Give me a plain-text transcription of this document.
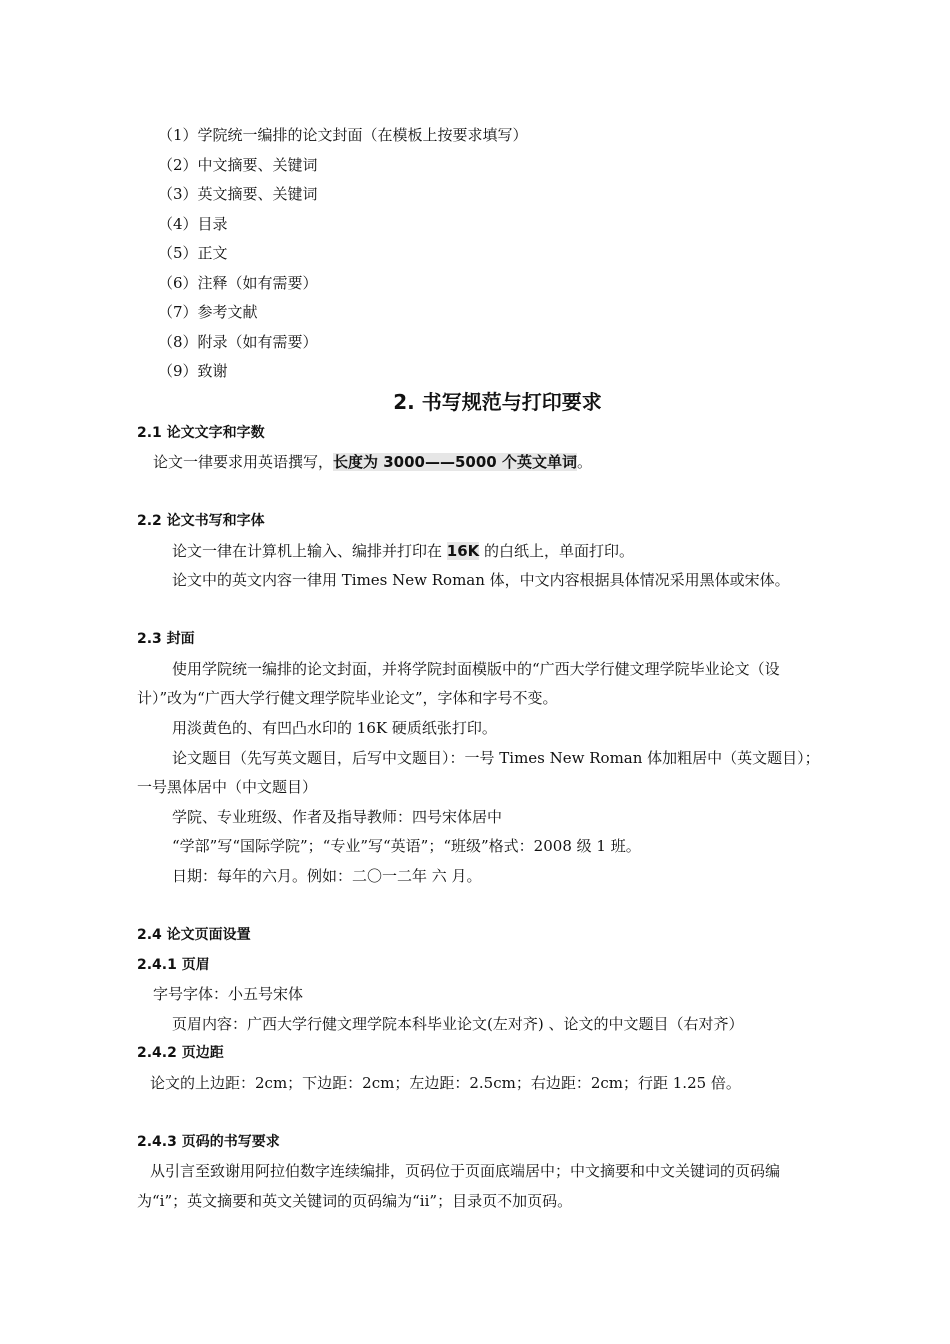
（1）学院统一编排的论文封面（在模板上按要求填写）
（2）中文摘要、关键词
（3）英文摘要、关键词
（4）目录
（5）正文
（6）注释（如有需要）
（7）参考文献
（8）附录（如有需要）
（9）致谢
2. 书写规范与打印要求
2.1 论文文字和字数
论文一律要求用英语撰写，长度为 3000——5000 个英文单词。
2.2 论文书写和字体
论文一律在计算机上输入、编排并打印在 16K 的白纸上，单面打印。
论文中的英文内容一律用 Times New Roman 体，中文内容根据具体情况采用黑体或宋体。
2.3 封面
使用学院统一编排的论文封面，并将学院封面模版中的“广西大学行健文理学院毕业论文（设
计）”改为“广西大学行健文理学院毕业论文”，字体和字号不变。
用淡黄色的、有凹凸水印的 16K 硬质纸张打印。
论文题目（先写英文题目，后写中文题目）：一号 Times New Roman 体加粗居中（英文题目）；
一号黑体居中（中文题目）
学院、专业班级、作者及指导教师：四号宋体居中
“学部”写“国际学院”；“专业”写“英语”；“班级”格式：2008 级 1 班。
日期：每年的六月。例如：二〇一二年 六 月。
2.4 论文页面设置
2.4.1 页眉
字号字体：小五号宋体
页眉内容：广西大学行健文理学院本科毕业论文(左对齐) 、论文的中文题目（右对齐）
2.4.2 页边距
论文的上边距：2cm；下边距：2cm；左边距：2.5cm；右边距：2cm；行距 1.25 倍。
2.4.3 页码的书写要求
从引言至致谢用阿拉伯数字连续编排，页码位于页面底端居中；中文摘要和中文关键词的页码编
为“i”；英文摘要和英文关键词的页码编为“ii”；目录页不加页码。
